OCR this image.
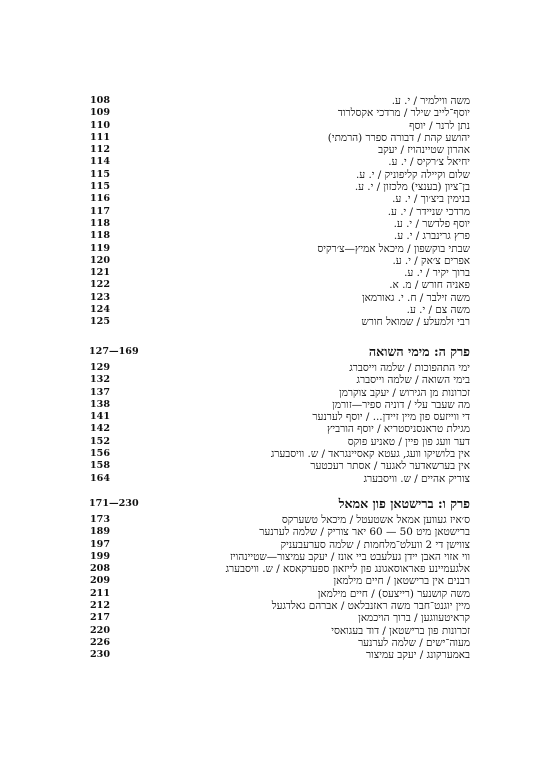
משה ווילמיר / י. ע.
108
יוסף־לייב שילר / מרדכי אקסלרוד
109
נתן לרנר / יוסף
110
יהושע קהת / דבורה ספרר (הרמתי)
111
אהרון שטיינהויז / יעקב
112
יחיאל צ׳רקיס / י. ע.
114
שלום וקיילה קליפוניק / י. ע.
115
בן־ציון (בענצי) מלכזון / י. ע.
115
בנימין ביצ׳וך / י. ע.
116
מרדכי שניידר / י. ע.
117
יוסף פלדשר / י. ע.
118
פרץ גרינברג / י. ע.
118
שבתי בוקשפון / מיכאל אמיץ—צ׳רקיס
119
אפרים צ׳אק / י. ע.
120
ברוך יקיר / י. ע.
121
פאניה חורש / מ. א.
122
משה זילבר / ח. י. גאורמאן
123
משה צם / י. ע.
124
רבי זלמעלע / שמואל חורש
125
פרק ה: מימי השואה
127—169
ימי התהפוכות / שלמה וייסברג
129
בימי השואה / שלמה וייסברג
132
זכרונות מן הגירוש / יעקב צוקרמן
137
מה שעבר עלי / דוניה ספיר—זורמן
138
די ווייזעס פון מיין זיידן... / יוסף לערנער
141
מגילת טראנסניסטריא / יוסף הורביץ
142
דער וועג פון פיין / טאניע פוקס
152
אין בלושיקו וועג, געטא קאסיינגראד / ש. וויסבערג
156
אין בערשאדער לאגער / אסתר רעכטער
158
צוריק אהיים / ש. וויסבערג
164
פרק ו: ברישטאן פון אמאל
171—230
ס׳איז געווען אמאל אשטעטל / מיכאל טשערקס
173
ברישטאן מיט 50 — 60 יאר צוריק / שלמה לערנער
189
צווישן די 2 וועלט־מלחמות / שלמה סערעבעניק
197
ווי אזוי האבן יידן געלעבט ביי אונז / יעקב עמיצור—שטיינהויז
199
אלגעמיינע פאראוסאגונג פון לייזאון ספערקאסא / ש. וויסבערג
208
רבנים אין ברישטאן / חיים מילמאן
209
משה קושנער (רייצעס) / חיים מילמאן
211
מיין יוגנט־חבר משה ראזנבלאט / אברהם גאלדגעל
212
קראיטעווגען / ברוך הויכמאן
217
זכרונות פון ברישטאן / דוד בעגואסי
220
מעוה־ישים / שלמה לערנער
226
באמערקונג / יעקב עמיצור
230
